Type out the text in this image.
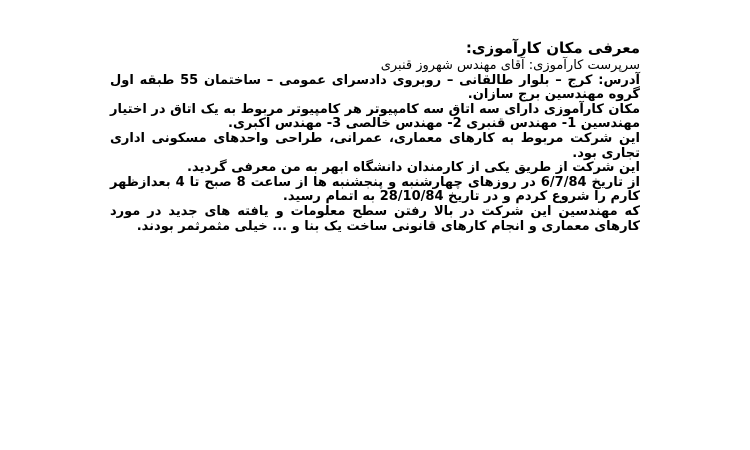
معرفی مکان کارآموزی:

سرپرست کارآموزی: آقای مهندس شهروز قنبری

آدرس: کرج – بلوار طالقانی – روبروی دادسرای عمومی – ساختمان 55 طبقه اول گروه مهندسین برج سازان.

مکان کارآموزی دارای سه اتاق سه کامپیوتر هر کامپیوتر مربوط به یک اتاق در اختیار مهندسین 1- مهندس قنبری 2- مهندس خالصی 3- مهندس اکبری.

این شرکت مربوط به کارهای معماری، عمرانی، طراحی واحدهای مسکونی اداری تجاری بود.

این شرکت از طریق یکی از کارمندان دانشگاه ابهر به من معرفی گردید.

از تاریخ 6/7/84 در روزهای چهارشنبه و پنجشنبه ها از ساعت 8 صبح تا 4 بعدازظهر کارم را شروع کردم و در تاریخ 28/10/84 به اتمام رسید.

که مهندسین این شرکت در بالا رفتن سطح معلومات و یافته های جدید در مورد کارهای معماری و انجام کارهای قانونی ساخت یک بنا و ... خیلی مثمرثمر بودند.
